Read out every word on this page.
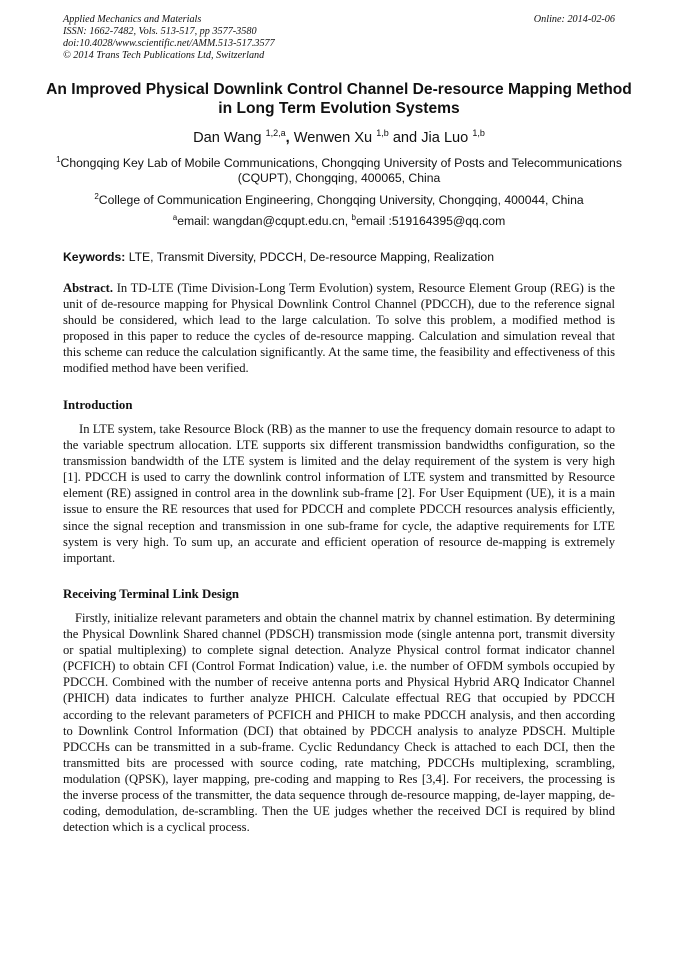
Applied Mechanics and Materials
ISSN: 1662-7482, Vols. 513-517, pp 3577-3580
doi:10.4028/www.scientific.net/AMM.513-517.3577
© 2014 Trans Tech Publications Ltd, Switzerland
Online: 2014-02-06
An Improved Physical Downlink Control Channel De-resource Mapping Method in Long Term Evolution Systems
Dan Wang $^{1,2,a}$, Wenwen Xu $^{1,b}$ and Jia Luo $^{1,b}$
$^1$Chongqing Key Lab of Mobile Communications, Chongqing University of Posts and Telecommunications (CQUPT), Chongqing, 400065, China
$^2$College of Communication Engineering, Chongqing University, Chongqing, 400044, China
$^a$email: wangdan@cqupt.edu.cn, $^b$email :519164395@qq.com
Keywords: LTE, Transmit Diversity, PDCCH, De-resource Mapping, Realization

Abstract. In TD-LTE (Time Division-Long Term Evolution) system, Resource Element Group (REG) is the unit of de-resource mapping for Physical Downlink Control Channel (PDCCH), due to the reference signal should be considered, which lead to the large calculation. To solve this problem, a modified method is proposed in this paper to reduce the cycles of de-resource mapping. Calculation and simulation reveal that this scheme can reduce the calculation significantly. At the same time, the feasibility and effectiveness of this modified method have been verified.

Introduction

In LTE system, take Resource Block (RB) as the manner to use the frequency domain resource to adapt to the variable spectrum allocation. LTE supports six different transmission bandwidths configuration, so the transmission bandwidth of the LTE system is limited and the delay requirement of the system is very high [1]. PDCCH is used to carry the downlink control information of LTE system and transmitted by Resource element (RE) assigned in control area in the downlink sub-frame [2]. For User Equipment (UE), it is a main issue to ensure the RE resources that used for PDCCH and complete PDCCH resources analysis efficiently, since the signal reception and transmission in one sub-frame for cycle, the adaptive requirements for LTE system is very high. To sum up, an accurate and efficient operation of resource de-mapping is extremely important.

Receiving Terminal Link Design

Firstly, initialize relevant parameters and obtain the channel matrix by channel estimation. By determining the Physical Downlink Shared channel (PDSCH) transmission mode (single antenna port, transmit diversity or spatial multiplexing) to complete signal detection. Analyze Physical control format indicator channel (PCFICH) to obtain CFI (Control Format Indication) value, i.e. the number of OFDM symbols occupied by PDCCH. Combined with the number of receive antenna ports and Physical Hybrid ARQ Indicator Channel (PHICH) data indicates to further analyze PHICH. Calculate effectual REG that occupied by PDCCH according to the relevant parameters of PCFICH and PHICH to make PDCCH analysis, and then according to Downlink Control Information (DCI) that obtained by PDCCH analysis to analyze PDSCH. Multiple PDCCHs can be transmitted in a sub-frame. Cyclic Redundancy Check is attached to each DCI, then the transmitted bits are processed with source coding, rate matching, PDCCHs multiplexing, scrambling, modulation (QPSK), layer mapping, pre-coding and mapping to Res [3,4]. For receivers, the processing is the inverse process of the transmitter, the data sequence through de-resource mapping, de-layer mapping, de-coding, demodulation, de-scrambling. Then the UE judges whether the received DCI is required by blind detection which is a cyclical process.
